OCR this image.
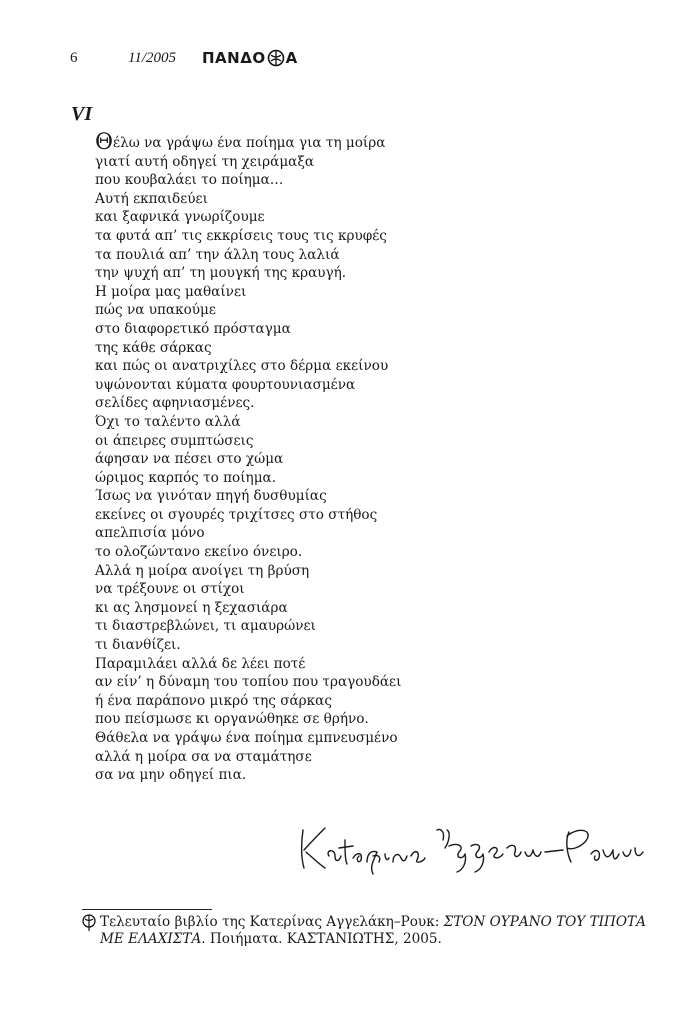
6	11/2005 ΠΑΝΔΟ Α
VI
Θέλω να γράψω ένα ποίημα για τη μοίρα
γιατί αυτή οδηγεί τη χειράμαξα
που κουβαλάει το ποίημα…
Αυτή εκπαιδεύει
και ξαφνικά γνωρίζουμε
τα φυτά απ’ τις εκκρίσεις τους τις κρυφές
τα πουλιά απ’ την άλλη τους λαλιά
την ψυχή απ’ τη μουγκή της κραυγή.
Η μοίρα μας μαθαίνει
πώς να υπακούμε
στο διαφορετικό πρόσταγμα
της κάθε σάρκας
και πώς οι ανατριχίλες στο δέρμα εκείνου
υψώνονται κύματα φουρτουνιασμένα
σελίδες αφηνιασμένες.
Όχι το ταλέντο αλλά
οι άπειρες συμπτώσεις
άφησαν να πέσει στο χώμα
ώριμος καρπός το ποίημα.
Ίσως να γινόταν πηγή δυσθυμίας
εκείνες οι σγουρές τριχίτσες στο στήθος
απελπισία μόνο
το ολοζώντανο εκείνο όνειρο.
Αλλά η μοίρα ανοίγει τη βρύση
να τρέξουνε οι στίχοι
κι ας λησμονεί η ξεχασιάρα
τι διαστρεβλώνει, τι αμαυρώνει
τι διανθίζει.
Παραμιλάει αλλά δε λέει ποτέ
αν είν’ η δύναμη του τοπίου που τραγουδάει
ή ένα παράπονο μικρό της σάρκας
που πείσμωσε κι οργανώθηκε σε θρήνο.
Θάθελα να γράψω ένα ποίημα εμπνευσμένο
αλλά η μοίρα σα να σταμάτησε
σα να μην οδηγεί πια.
Τελευταίο βιβλίο της Κατερίνας Αγγελάκη–Ρουκ: ΣΤΟΝ ΟΥΡΑΝΟ ΤΟΥ ΤΙΠΟΤΑ
ΜΕ ΕΛΑΧΙΣΤΑ. Ποιήματα. ΚΑΣΤΑΝΙΩΤΗΣ, 2005.
